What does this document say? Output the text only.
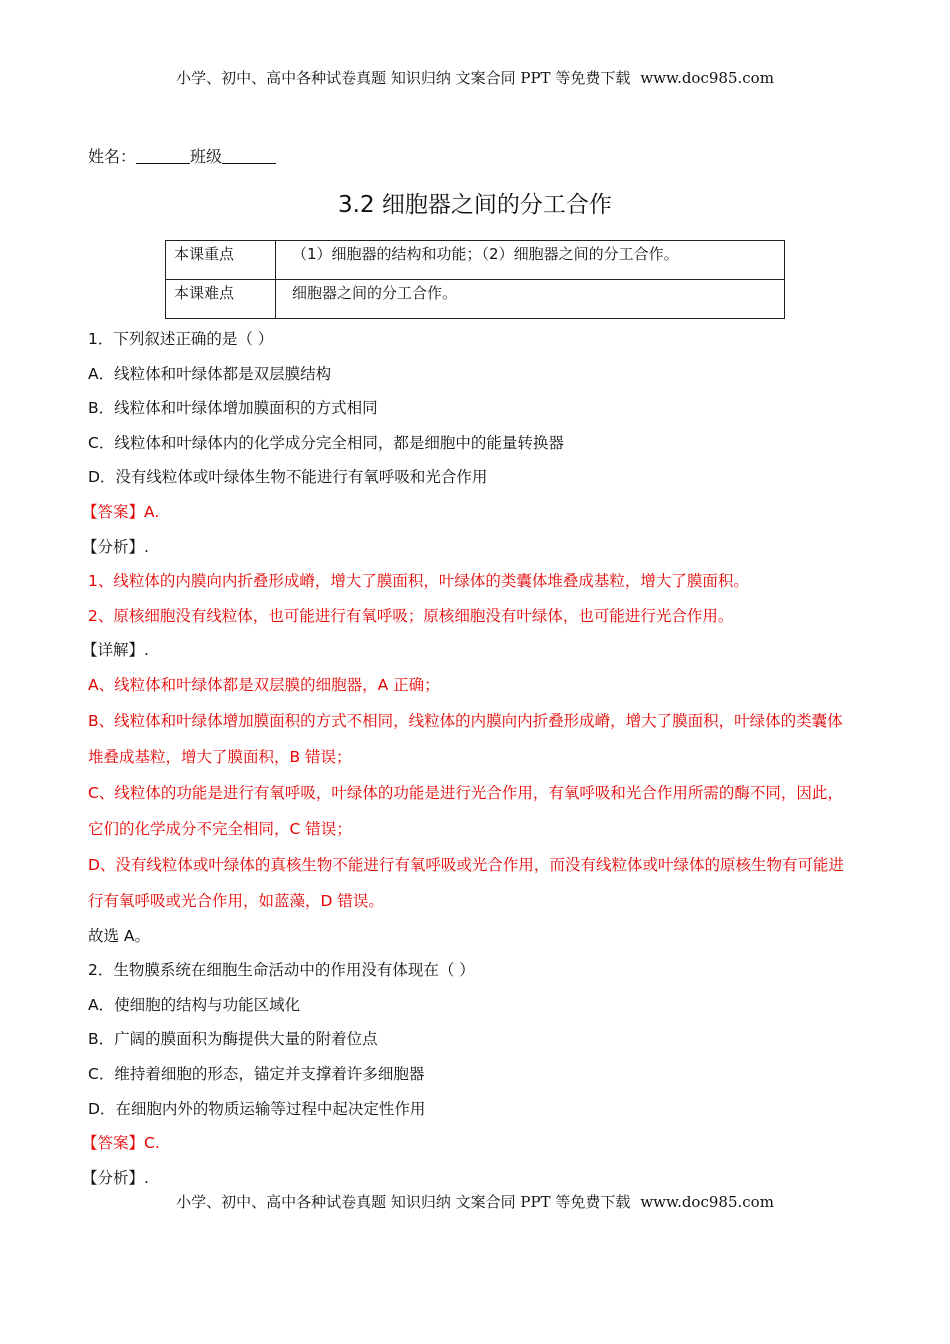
小学、初中、高中各种试卷真题 知识归纳 文案合同 PPT 等免费下载 www.doc985.com
姓名：	班级
3.2 细胞器之间的分工合作
本课重点	（1）细胞器的结构和功能；（2）细胞器之间的分工合作。
本课难点	细胞器之间的分工合作。
1．下列叙述正确的是（ ）
A．线粒体和叶绿体都是双层膜结构
B．线粒体和叶绿体增加膜面积的方式相同
C．线粒体和叶绿体内的化学成分完全相同，都是细胞中的能量转换器
D．没有线粒体或叶绿体生物不能进行有氧呼吸和光合作用
【答案】A.
【分析】.
1、线粒体的内膜向内折叠形成嵴，增大了膜面积，叶绿体的类囊体堆叠成基粒，增大了膜面积。
2、原核细胞没有线粒体，也可能进行有氧呼吸；原核细胞没有叶绿体，也可能进行光合作用。
【详解】.
A、线粒体和叶绿体都是双层膜的细胞器，A 正确；
B、线粒体和叶绿体增加膜面积的方式不相同，线粒体的内膜向内折叠形成嵴，增大了膜面积，叶绿体的类囊体堆叠成基粒，增大了膜面积，B 错误；
C、线粒体的功能是进行有氧呼吸，叶绿体的功能是进行光合作用，有氧呼吸和光合作用所需的酶不同，因此，它们的化学成分不完全相同，C 错误；
D、没有线粒体或叶绿体的真核生物不能进行有氧呼吸或光合作用，而没有线粒体或叶绿体的原核生物有可能进行有氧呼吸或光合作用，如蓝藻，D 错误。
故选 A。
2．生物膜系统在细胞生命活动中的作用没有体现在（ ）
A．使细胞的结构与功能区域化
B．广阔的膜面积为酶提供大量的附着位点
C．维持着细胞的形态，锚定并支撑着许多细胞器
D．在细胞内外的物质运输等过程中起决定性作用
【答案】C.
【分析】.
小学、初中、高中各种试卷真题 知识归纳 文案合同 PPT 等免费下载 www.doc985.com
